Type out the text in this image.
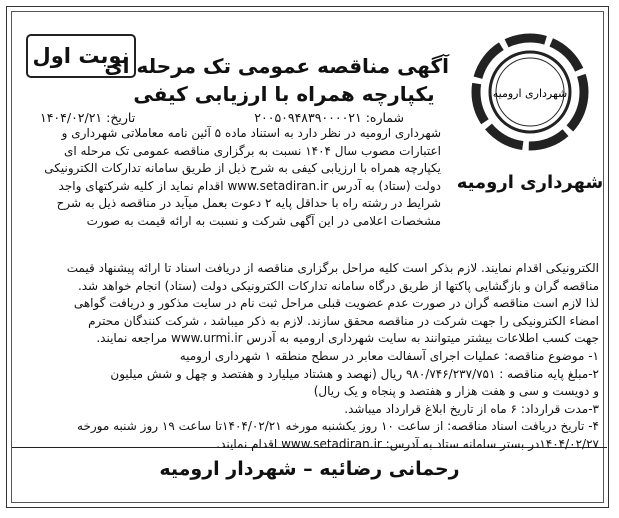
نوبت اول
آگهی مناقصه عمومی تک مرحله ای
یکپارچه همراه با ارزیابی کیفی	شهرداری ارومیه
شهرداری ارومیه
شماره: ۲۰۰۵۰۹۴۸۳۹۰۰۰۰۲۱
تاریخ: ۱۴۰۴/۰۲/۲۱
شهرداری ارومیه در نظر دارد به استناد ماده ۵ آئین نامه معاملاتی شهرداری و
اعتبارات مصوب سال ۱۴۰۴ نسبت به برگزاری مناقصه عمومی تک مرحله ای
یکپارچه همراه با ارزیابی کیفی به شرح ذیل از طریق سامانه تدارکات الکترونیکی
دولت (ستاد) به آدرس www.setadiran.ir اقدام نماید از کلیه شرکتهای واجد
شرایط در رشته راه با حداقل پایه ۲ دعوت بعمل میآید در مناقصه ذیل به شرح
مشخصات اعلامی در این آگهی شرکت و نسبت به ارائه قیمت به صورت
الکترونیکی اقدام نمایند. لازم بذکر است کلیه مراحل برگزاری مناقصه از دریافت اسناد تا ارائه پیشنهاد قیمت
مناقصه گران و بازگشایی پاکتها از طریق درگاه سامانه تدارکات الکترونیکی دولت (ستاد) انجام خواهد شد.
لذا لازم است مناقصه گران در صورت عدم عضویت قبلی مراحل ثبت نام در سایت مذکور و دریافت گواهی
امضاء الکترونیکی را جهت شرکت در مناقصه محقق سازند. لازم به ذکر میباشد ، شرکت کنندگان محترم
جهت کسب اطلاعات بیشتر میتوانند به سایت شهرداری ارومیه به آدرس www.urmi.ir مراجعه نمایند.
۱- موضوع مناقصه: عملیات اجرای آسفالت معابر در سطح منطقه ۱ شهرداری ارومیه
۲-مبلغ پایه مناقصه : ۹۸۰/۷۴۶/۲۳۷/۷۵۱ ریال (نهصد و هشتاد میلیارد و هفتصد و چهل و شش میلیون
و دویست و سی و هفت هزار و هفتصد و پنجاه و یک ریال)
۳-مدت قرارداد: ۶ ماه از تاریخ ابلاغ قرارداد میباشد.
۴- تاریخ دریافت اسناد مناقصه: از ساعت ۱۰ روز یکشنبه مورخه ۱۴۰۴/۰۲/۲۱تا ساعت ۱۹ روز شنبه مورخه
۱۴۰۴/۰۲/۲۷در بستر سامانه ستاد به آدرس: www.setadiran.ir اقدام نمایند.
رحمانی رضائیه – شهردار ارومیه
